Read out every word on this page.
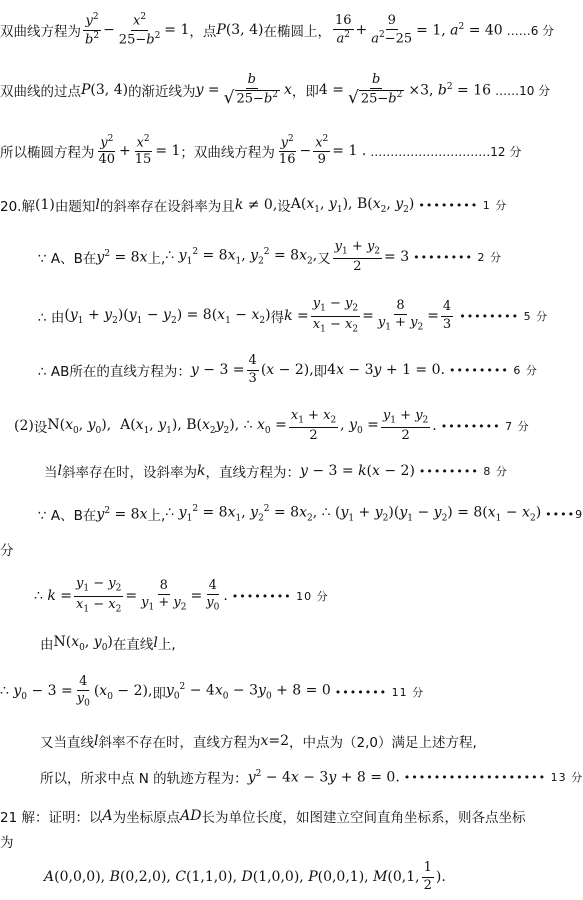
双曲线方程为 $\frac{y^2}{b^2} - \frac{x^2}{25-b^2} = 1$ ，点 P(3, 4) 在椭圆上， $\frac{16}{a^2} + \frac{9}{a^2-25} = 1$, $a^2 = 40$ ……6 分
双曲线的过点 P(3, 4) 的渐近线为 $y = \frac{b}{√ 25-b^2}$ x ，即 $4 = \frac{b}{√ 25-b^2} \times 3$, $b^2 = 16$ ……10 分
所以椭圆方程为 $\frac{y^2}{40} + \frac{x^2}{15} = 1$ ；双曲线方程为 $\frac{y^2}{16} - \frac{x^2}{9} = 1$ . …………………………12 分
20.解 (1) 由题知 l 的斜率存在设斜率为且 k ≠ 0, 设 $A(x_1$, $y_1$), $B(x_2$, $y_2$) •••••••• 1 分
∵ A、B在 $y^2 = 8x$ 上, ∴ $y_1^2 = 8x_1$, $y_2^2 = 8x_2$, 又 $\frac{y_1 + y_2}{2} = 3$ •••••••• 2 分
∴ 由 $(y_1 + y_2)(y_1 - y_2) = 8(x_1 - x_2)$ 得 $k = \frac{y_1 - y_2}{x_1 - x_2} = \frac{8}{y_1 + y_2} = \frac{4}{3}$ •••••••• 5 分
∴ AB所在的直线方程为： $y - 3 = \frac{4}{3} (x - 2)$, 即 4x − 3y + 1 = 0. •••••••• 6 分
(2) 设 $N(x_0$, $y_0$),  $A(x_1$, $y_1$), $B(x_2y_2)$, ∴ $x_0 = \frac{x_1 + x_2}{2}$ , $y_0 = \frac{y_1 + y_2}{2}$ . •••••••• 7 分
当 l 斜率存在时，设斜率为 k ，直线方程为： y − 3 = k(x − 2) •••••••• 8 分
∵ A、B在 $y^2 = 8x$ 上, ∴ $y_1^2 = 8x_1$, $y_2^2 = 8x_2$, ∴ $(y_1 + y_2)(y_1 - y_2) = 8(x_1 - x_2)$ ••••9
分
∴ $k = \frac{y_1 - y_2}{x_1 - x_2} = \frac{8}{y_1 + y_2} = \frac{4}{y_0}$ . •••••••• 10 分
由 $N(x_0$, $y_0$) 在直线 l 上,
∴ $y_0 - 3 = \frac{4}{y_0} (x_0 - 2)$, 即 $y_0^2 - 4x_0 - 3y_0 + 8 = 0$ ••••••• 11 分
又当直线 l 斜率不存在时，直线方程为 x=2 ，中点为（2,0）满足上述方程,
所以，所求中点 N 的轨迹方程为： $y^2 - 4x - 3y + 8 = 0$. ••••••••••••••••••• 13 分
21 解：证明：以 A 为坐标原点 AD 长为单位长度，如图建立空间直角坐标系，则各点坐标
为
A(0,0,0), B(0,2,0), C(1,1,0), D(1,0,0), P(0,0,1), M(0,1, $\frac{1}{2}$ ).
